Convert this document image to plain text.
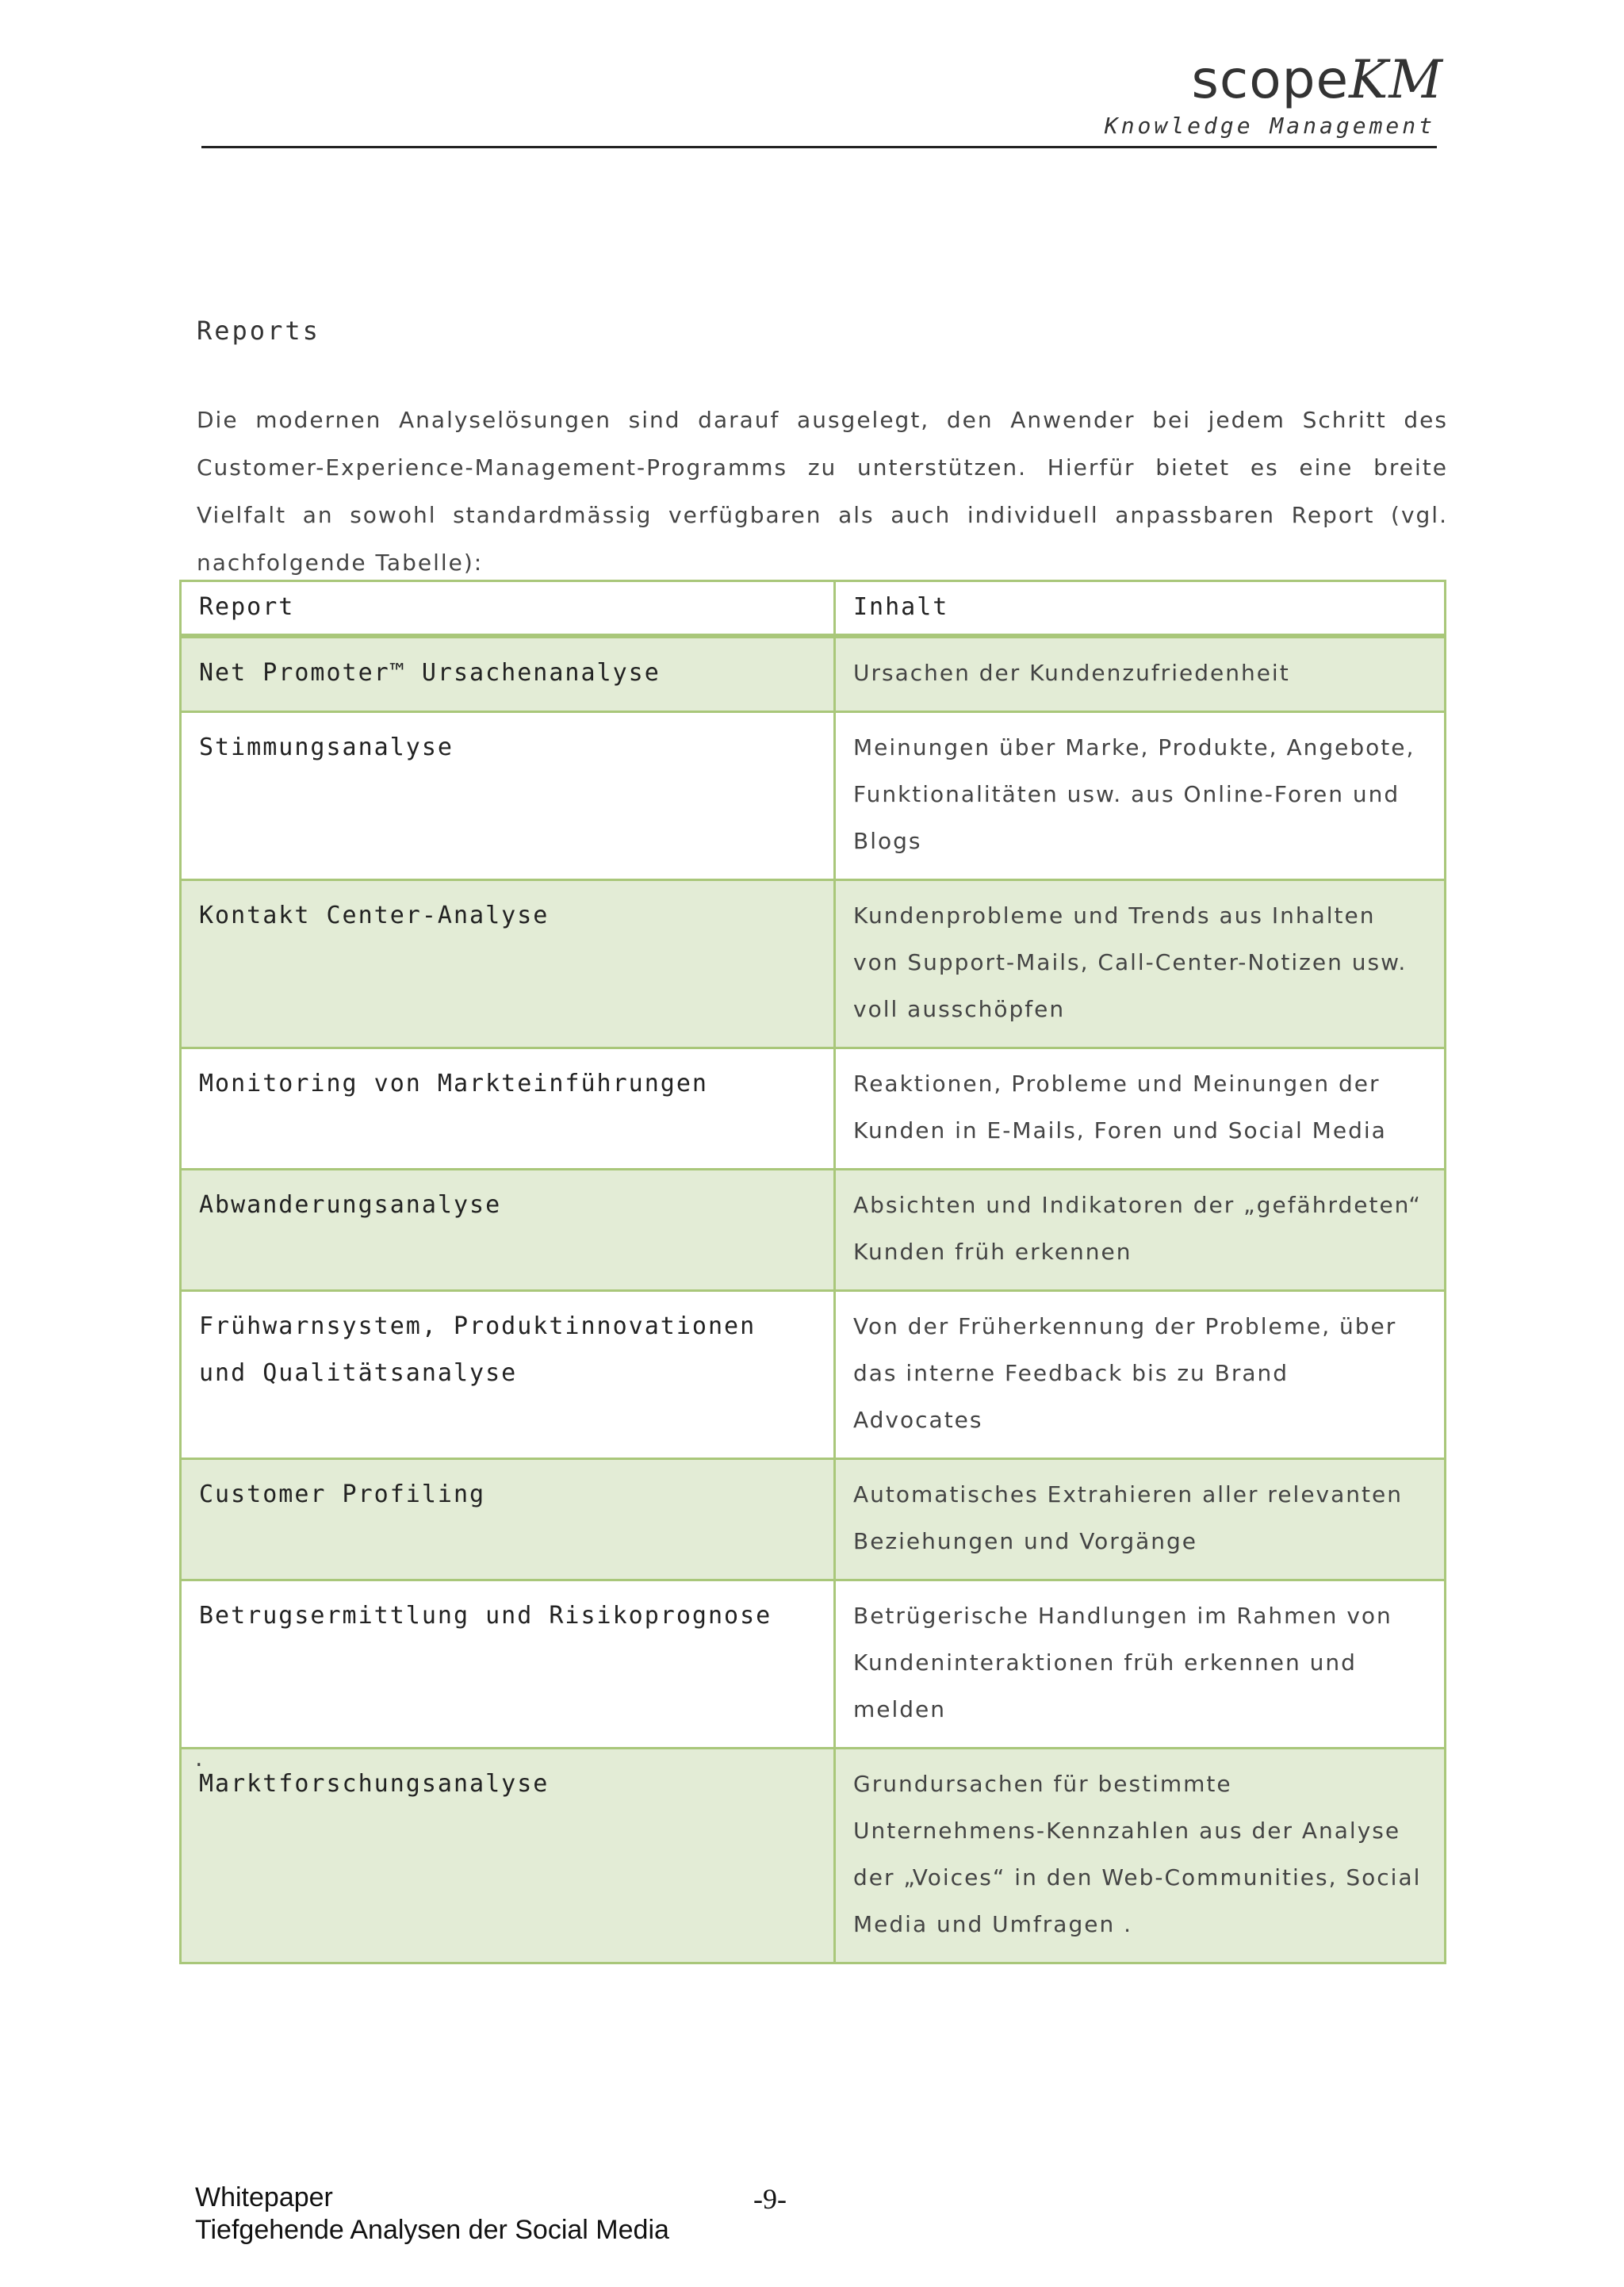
scopeKM
Knowledge Management
Reports
Die modernen Analyselösungen sind darauf ausgelegt, den Anwender bei jedem Schritt des Customer-Experience-Management-Programms zu unterstützen. Hierfür bietet es eine breite Vielfalt an sowohl standardmässig verfügbaren als auch individuell anpassbaren Report (vgl. nachfolgende Tabelle):
Report	Inhalt
Net Promoter™ Ursachenanalyse	Ursachen der Kundenzufriedenheit
Stimmungsanalyse	Meinungen über Marke, Produkte, Angebote, Funktionalitäten usw. aus Online-Foren und Blogs
Kontakt Center-Analyse	Kundenprobleme und Trends aus Inhalten von Support-Mails, Call-Center-Notizen usw. voll ausschöpfen
Monitoring von Markteinführungen	Reaktionen, Probleme und Meinungen der Kunden in E-Mails, Foren und Social Media
Abwanderungsanalyse	Absichten und Indikatoren der „gefährdeten“ Kunden früh erkennen
Frühwarnsystem, Produktinnovationen und Qualitätsanalyse	Von der Früherkennung der Probleme, über das interne Feedback bis zu Brand Advocates
Customer Profiling	Automatisches Extrahieren aller relevanten Beziehungen und Vorgänge
Betrugsermittlung und Risikoprognose	Betrügerische Handlungen im Rahmen von Kundeninteraktionen früh erkennen und melden
Marktforschungsanalyse	Grundursachen für bestimmte Unternehmens-Kennzahlen aus der Analyse der „Voices“ in den Web-Communities, Social Media und Umfragen .
.
Whitepaper
Tiefgehende Analysen der Social Media
-9-
